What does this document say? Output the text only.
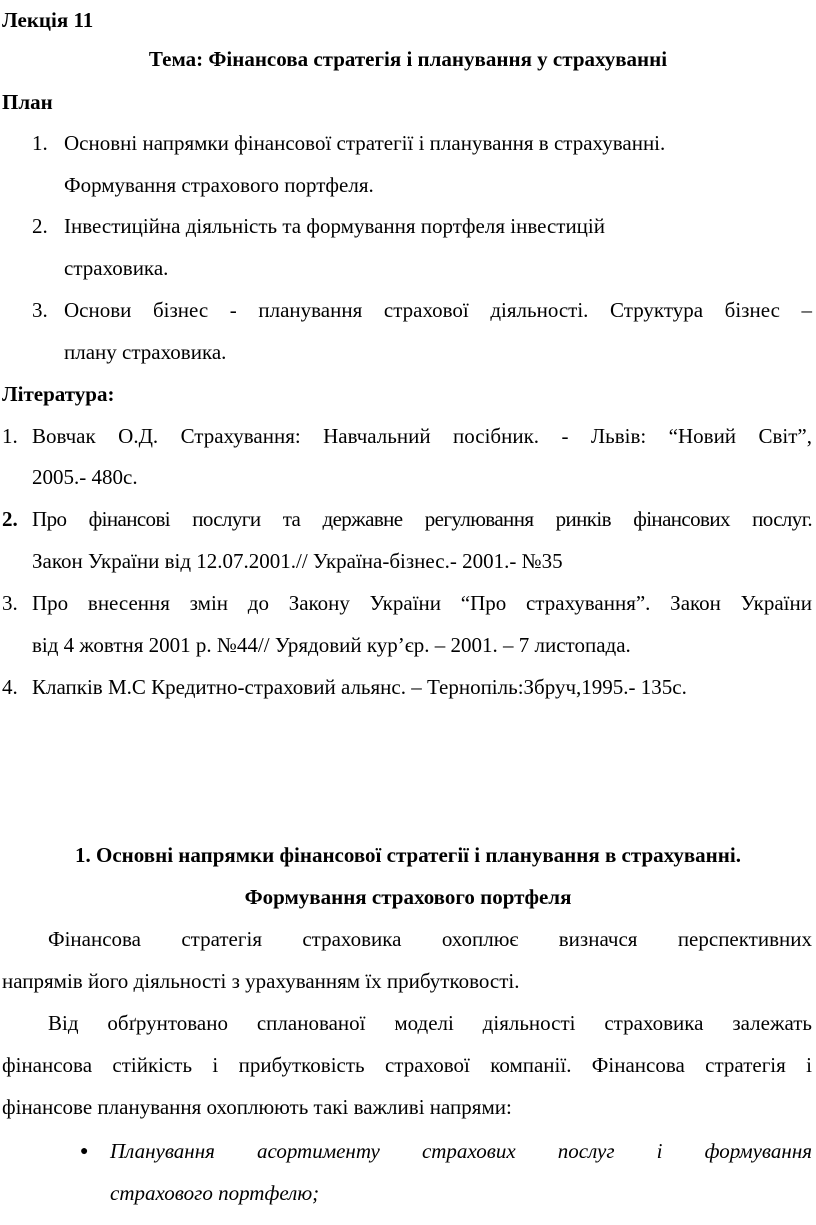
Лекція 11
Тема: Фінансова стратегія і планування у страхуванні
План
1. Основні напрямки фінансової стратегії і планування в страхуванні.
Формування страхового портфеля.
2. Інвестиційна діяльність та формування портфеля інвестицій
страховика.
3. Основи бізнес - планування страхової діяльності. Структура бізнес –
плану страховика.
Література:
1. Вовчак О.Д. Страхування: Навчальний посібник. - Львів: “Новий Світ”,
2005.- 480с.
2. Про фінансові послуги та державне регулювання ринків фінансових послуг.
Закон України від 12.07.2001.// Україна-бізнес.- 2001.- №35
3. Про внесення змін до Закону України “Про страхування”. Закон України
від 4 жовтня 2001 р. №44// Урядовий кур’єр. – 2001. – 7 листопада.
4. Клапків М.С Кредитно-страховий альянс. – Тернопіль:Збруч,1995.- 135с.
1. Основні напрямки фінансової стратегії і планування в страхуванні.
Формування страхового портфеля
Фінансова стратегія страховика охоплює визначся перспективних
напрямів його діяльності з урахуванням їх прибутковості.
Від обґрунтовано спланованої моделі діяльності страховика залежать
фінансова стійкість і прибутковість страхової компанії. Фінансова стратегія і
фінансове планування охоплюють такі важливі напрями:
● Планування асортименту страхових послуг і формування
страхового портфелю;
